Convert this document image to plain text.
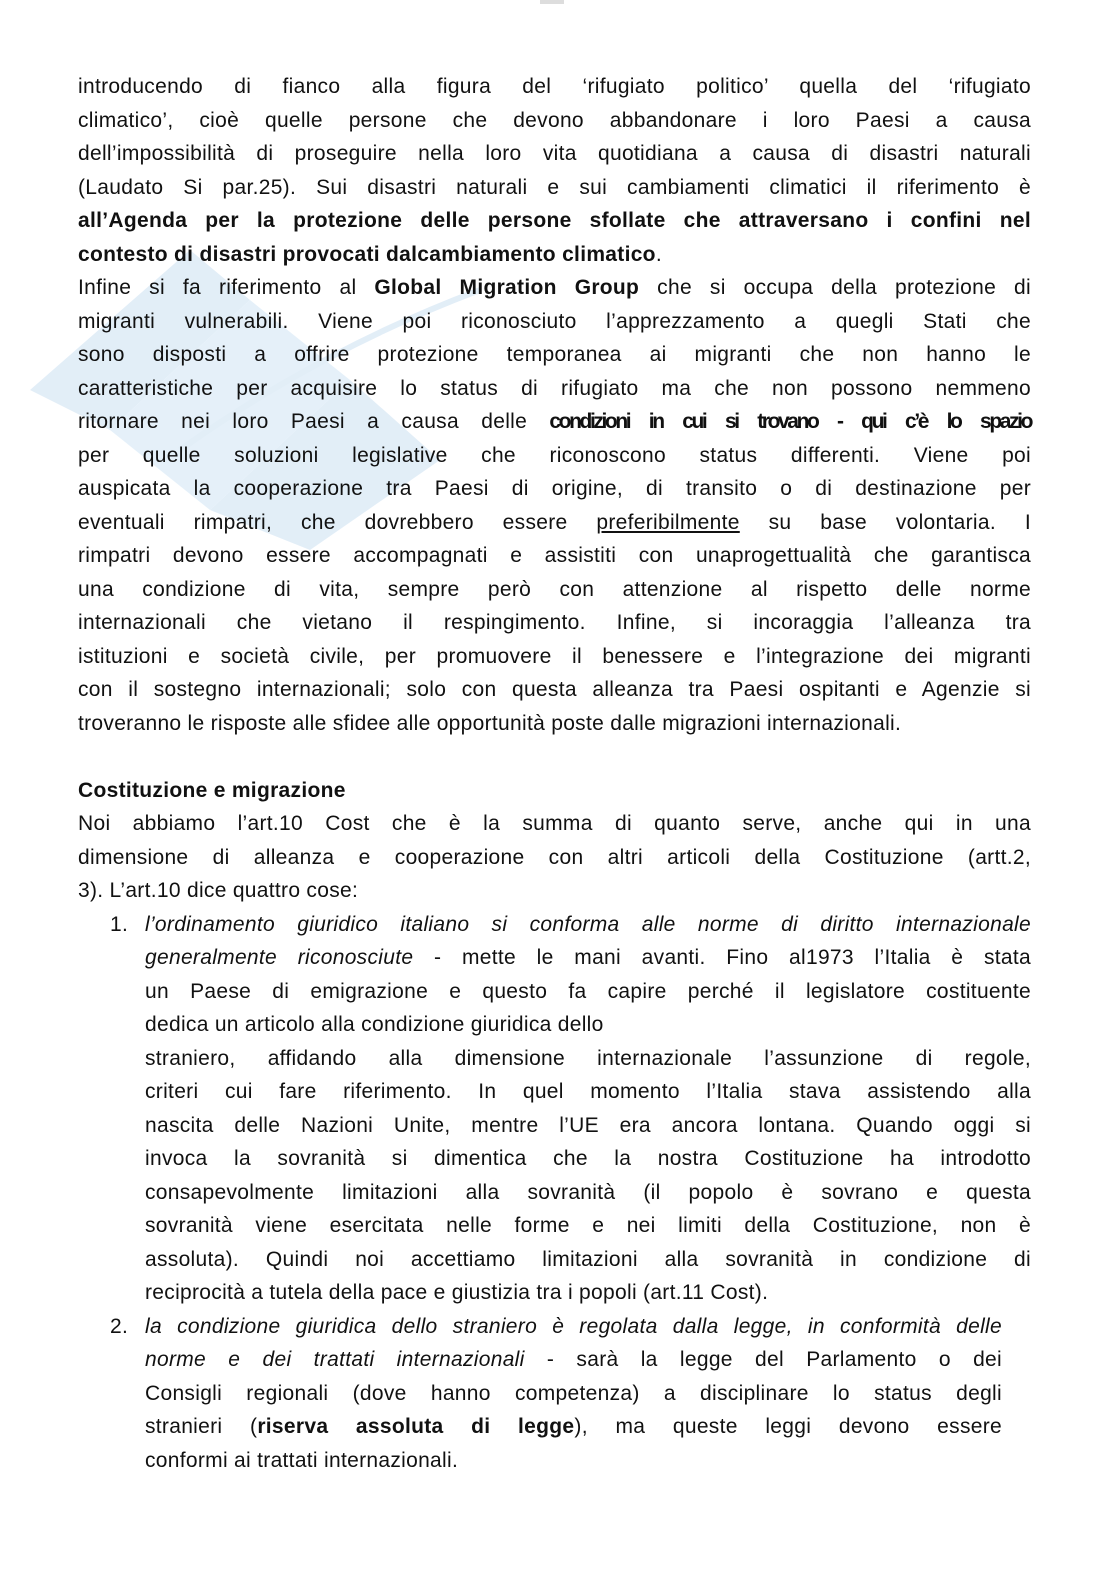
introducendo di fianco alla figura del ‘rifugiato politico’ quella del ‘rifugiato
climatico’, cioè quelle persone che devono abbandonare i loro Paesi a causa
dell’impossibilità di proseguire nella loro vita quotidiana a causa di disastri naturali
(Laudato Si par.25). Sui disastri naturali e sui cambiamenti climatici il riferimento è
all’Agenda per la protezione delle persone sfollate che attraversano i confini nel
contesto di disastri provocati dalcambiamento climatico.
Infine si fa riferimento al Global Migration Group che si occupa della protezione di
migranti vulnerabili. Viene poi riconosciuto l’apprezzamento a quegli Stati che
sono disposti a offrire protezione temporanea ai migranti che non hanno le
caratteristiche per acquisire lo status di rifugiato ma che non possono nemmeno
ritornare nei loro Paesi a causa delle condizioni in cui si trovano - qui c’è lo spazio
per quelle soluzioni legislative che riconoscono status differenti. Viene poi
auspicata la cooperazione tra Paesi di origine, di transito o di destinazione per
eventuali rimpatri, che dovrebbero essere preferibilmente su base volontaria. I
rimpatri devono essere accompagnati e assistiti con unaprogettualità che garantisca
una condizione di vita, sempre però con attenzione al rispetto delle norme
internazionali che vietano il respingimento. Infine, si incoraggia l’alleanza tra
istituzioni e società civile, per promuovere il benessere e l’integrazione dei migranti
con il sostegno internazionali; solo con questa alleanza tra Paesi ospitanti e Agenzie si
troveranno le risposte alle sfidee alle opportunità poste dalle migrazioni internazionali.
Costituzione e migrazione
Noi abbiamo l’art.10 Cost che è la summa di quanto serve, anche qui in una
dimensione di alleanza e cooperazione con altri articoli della Costituzione (artt.2,
3). L’art.10 dice quattro cose:
1. l’ordinamento giuridico italiano si conforma alle norme di diritto internazionale
generalmente riconosciute - mette le mani avanti. Fino al1973 l’Italia è stata
un Paese di emigrazione e questo fa capire perché il legislatore costituente
dedica un articolo alla condizione giuridica dello
straniero, affidando alla dimensione internazionale l’assunzione di regole,
criteri cui fare riferimento. In quel momento l’Italia stava assistendo alla
nascita delle Nazioni Unite, mentre l’UE era ancora lontana. Quando oggi si
invoca la sovranità si dimentica che la nostra Costituzione ha introdotto
consapevolmente limitazioni alla sovranità (il popolo è sovrano e questa
sovranità viene esercitata nelle forme e nei limiti della Costituzione, non è
assoluta). Quindi noi accettiamo limitazioni alla sovranità in condizione di
reciprocità a tutela della pace e giustizia tra i popoli (art.11 Cost).
2. la condizione giuridica dello straniero è regolata dalla legge, in conformità delle
norme e dei trattati internazionali - sarà la legge del Parlamento o dei
Consigli regionali (dove hanno competenza) a disciplinare lo status degli
stranieri (riserva assoluta di legge), ma queste leggi devono essere
conformi ai trattati internazionali.
